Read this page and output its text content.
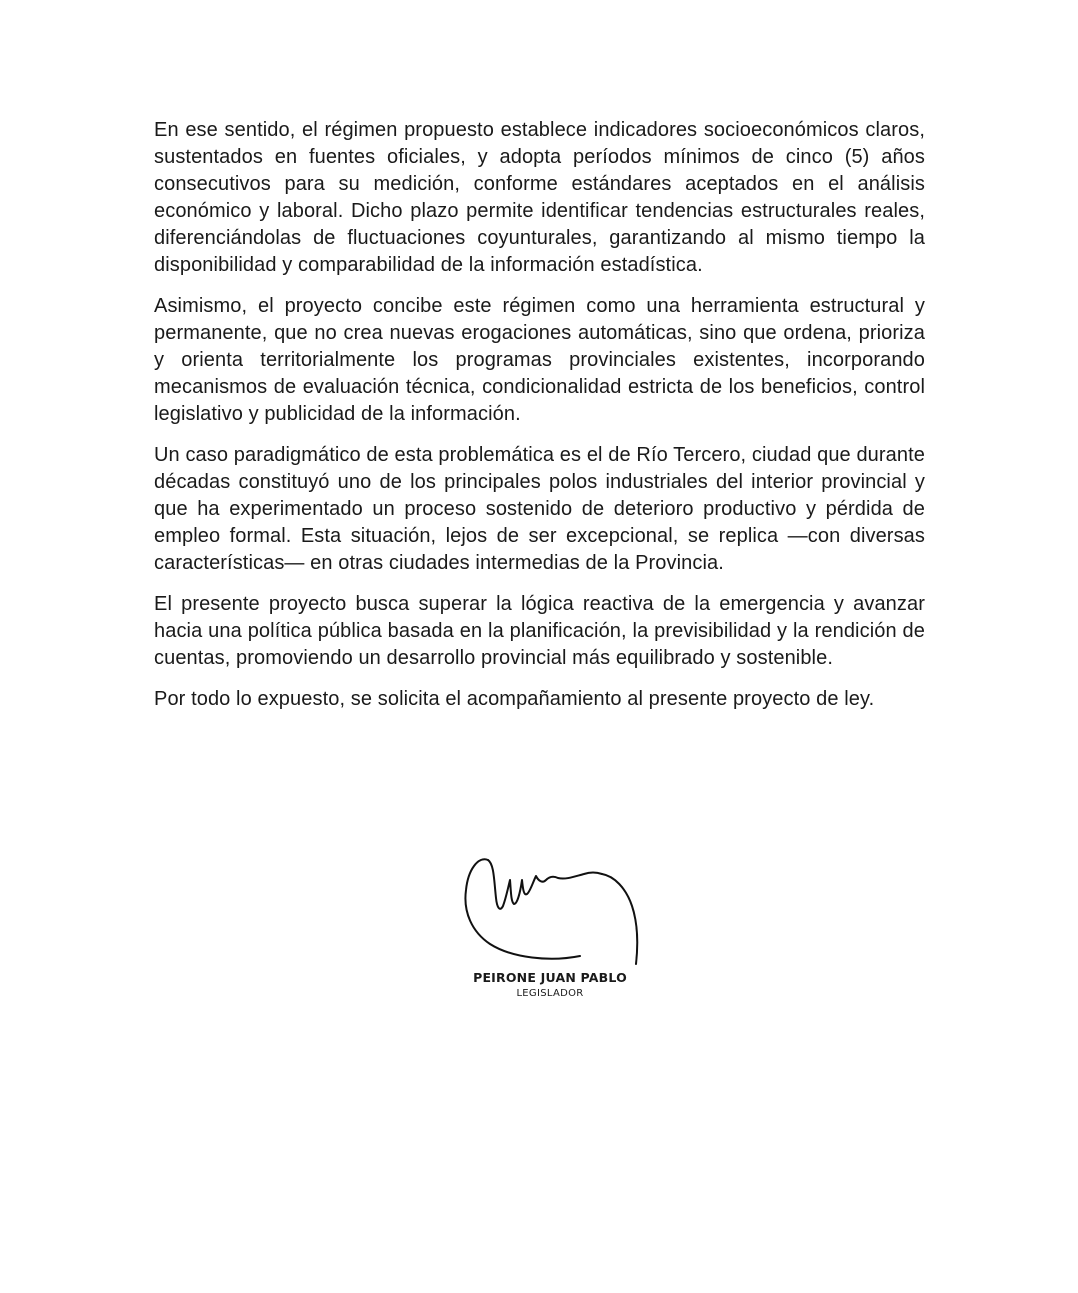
En ese sentido, el régimen propuesto establece indicadores socioeconómicos claros, sustentados en fuentes oficiales, y adopta períodos mínimos de cinco (5) años consecutivos para su medición, conforme estándares aceptados en el análisis económico y laboral. Dicho plazo permite identificar tendencias estructurales reales, diferenciándolas de fluctuaciones coyunturales, garantizando al mismo tiempo la disponibilidad y comparabilidad de la información estadística.

Asimismo, el proyecto concibe este régimen como una herramienta estructural y permanente, que no crea nuevas erogaciones automáticas, sino que ordena, prioriza y orienta territorialmente los programas provinciales existentes, incorporando mecanismos de evaluación técnica, condicionalidad estricta de los beneficios, control legislativo y publicidad de la información.

Un caso paradigmático de esta problemática es el de Río Tercero, ciudad que durante décadas constituyó uno de los principales polos industriales del interior provincial y que ha experimentado un proceso sostenido de deterioro productivo y pérdida de empleo formal. Esta situación, lejos de ser excepcional, se replica —con diversas características— en otras ciudades intermedias de la Provincia.

El presente proyecto busca superar la lógica reactiva de la emergencia y avanzar hacia una política pública basada en la planificación, la previsibilidad y la rendición de cuentas, promoviendo un desarrollo provincial más equilibrado y sostenible.

Por todo lo expuesto, se solicita el acompañamiento al presente proyecto de ley.

PEIRONE JUAN PABLO
LEGISLADOR
